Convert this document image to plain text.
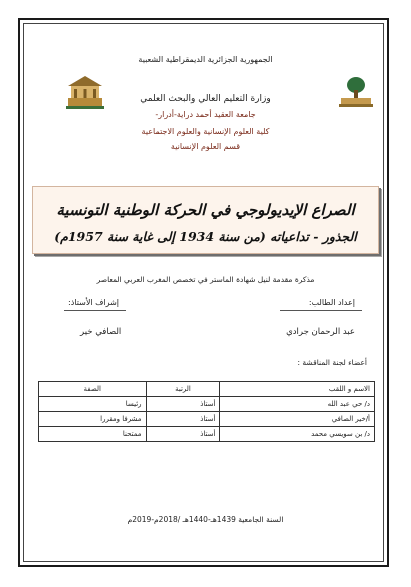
الجمهورية الجزائرية الديمقراطية الشعبية
وزارة التعليم العالي والبحث العلمي
جامعة العقيد أحمد دراية-أدرار-
كلية العلوم الإنسانية والعلوم الاجتماعية
قسم العلوم الإنسانية
الصراع الإيديولوجي في الحركة الوطنية التونسية
الجذور - تداعياته (من سنة 1934 إلى غاية سنة 1957م)
مذكرة مقدمة لنيل شهادة الماستر في تخصص المغرب العربي المعاصر
إعداد الطالب:
إشراف الأستاذ:
عبد الرحمان جرادي
الصافي خير
أعضاء لجنة المناقشة :
الاسم و اللقب	الرتبة	الصفة
د/ حي عبد الله	أستاذ	رئيسا
أ/خير الصافي	أستاذ	مشرفا ومقررا
د/ بن سويسي محمد	أستاذ	ممتحنا
السنة الجامعية 1439هـ-1440هـ /2018م-2019م
